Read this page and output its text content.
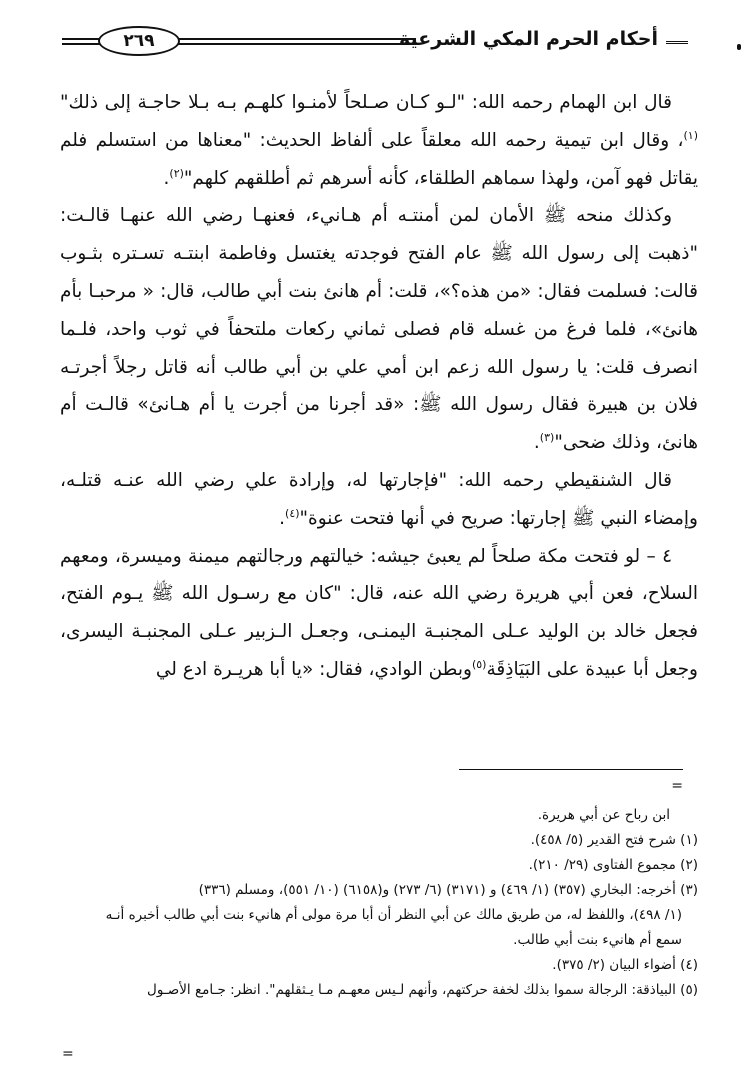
أحكام الحرم المكي الشرعية
٢٦٩

قال ابن الهمام رحمه الله: "لـو كـان صـلحاً لأمنـوا كلهـم بـه بـلا حاجـة إلى ذلك"$^{(١)}$، وقال ابن تيمية رحمه الله معلقاً على ألفاظ الحديث: "معناها من استسلم فلم يقاتل فهو آمن، ولهذا سماهم الطلقاء، كأنه أسرهم ثم أطلقهم كلهم"$^{(٢)}$.

وكذلك منحه ﷺ الأمان لمن أمنتـه أم هـانيء، فعنهـا رضي الله عنهـا قالـت: "ذهبت إلى رسول الله ﷺ عام الفتح فوجدته يغتسل وفاطمة ابنتـه تسـتره بثـوب قالت: فسلمت فقال: «من هذه؟»، قلت: أم هانئ بنت أبي طالب، قال: « مرحبـا بأم هانئ»، فلما فرغ من غسله قام فصلى ثماني ركعات ملتحفاً في ثوب واحد، فلـما انصرف قلت: يا رسول الله زعم ابن أمي علي بن أبي طالب أنه قاتل رجلاً أجرتـه فلان بن هبيرة فقال رسول الله ﷺ: «قد أجرنا من أجرت يا أم هـانئ» قالـت أم هانئ، وذلك ضحى"$^{(٣)}$.

قال الشنقيطي رحمه الله: "فإجارتها له، وإرادة علي رضي الله عنـه قتلـه، وإمضاء النبي ﷺ إجارتها: صريح في أنها فتحت عنوة"$^{(٤)}$.

٤ – لو فتحت مكة صلحاً لم يعبئ جيشه: خيالتهم ورجالتهم ميمنة وميسرة، ومعهم السلاح، فعن أبي هريرة رضي الله عنه، قال: "كان مع رسـول الله ﷺ يـوم الفتح، فجعل خالد بن الوليد عـلى المجنبـة اليمنـى، وجعـل الـزبير عـلى المجنبـة اليسرى، وجعل أبا عبيدة على البَيَاذِقَة$^{(٥)}$وبطن الوادي، فقال: «يا أبا هريـرة ادع لي

=

ابن رباح عن أبي هريرة.

(١) شرح فتح القدير (٥/ ٤٥٨).

(٢) مجموع الفتاوى (٢٩/ ٢١٠).

(٣) أخرجه: البخاري (٣٥٧) (١/ ٤٦٩) و (٣١٧١) (٦/ ٢٧٣) و(٦١٥٨) (١٠/ ٥٥١)، ومسلم (٣٣٦)

(١/ ٤٩٨)، واللفظ له، من طريق مالك عن أبي النظر أن أبا مرة مولى أم هانيء بنت أبي طالب أخبره أنـه

سمع أم هانيء بنت أبي طالب.

(٤) أضواء البيان (٢/ ٣٧٥).

(٥) البياذقة: الرجالة سموا بذلك لخفة حركتهم، وأنهم لـيس معهـم مـا يـثقلهم". انظر: جـامع الأصـول

=
